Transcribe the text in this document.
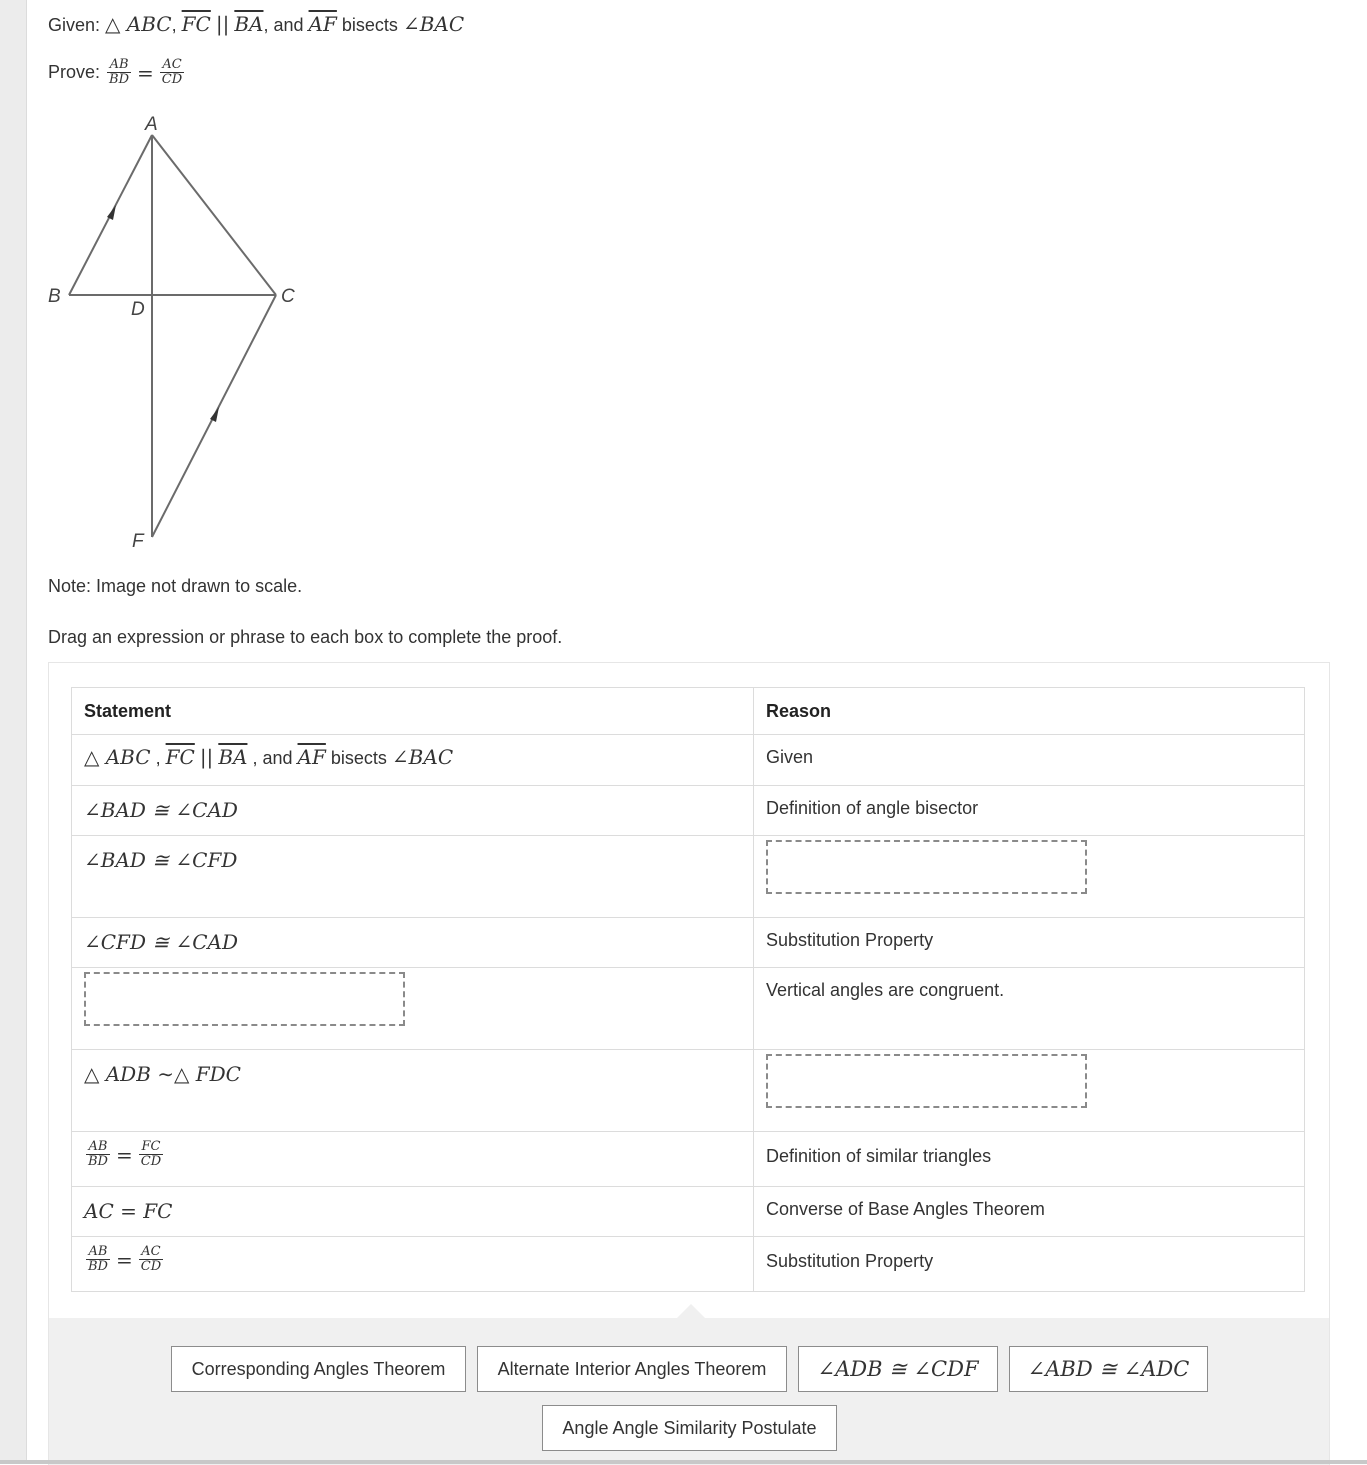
Given: △ ABC, $\overline{FC}$ || $\overline{BA}$, and $\overline{AF}$ bisects ∠BAC
Prove: $\frac{AB}{BD} = \frac{AC}{CD}$
A
B	C
D
F
Note: Image not drawn to scale.
Drag an expression or phrase to each box to complete the proof.
Statement	Reason
△ ABC , $\overline{FC}$ || $\overline{BA}$ , and $\overline{AF}$ bisects ∠BAC	Given
∠BAD ≅ ∠CAD	Definition of angle bisector
∠BAD ≅ ∠CFD	

∠CFD ≅ ∠CAD	Substitution Property

	Vertical angles are congruent.
△ ADB ∼△ FDC	

$\frac{AB}{BD} = \frac{FC}{CD}$	Definition of similar triangles
AC = FC	Converse of Base Angles Theorem

$\frac{AB}{BD} = \frac{AC}{CD}$	Substitution Property
Corresponding Angles Theorem	Alternate Interior Angles Theorem	∠ADB ≅ ∠CDF ∠ABD ≅ ∠ADC
Angle Angle Similarity Postulate
